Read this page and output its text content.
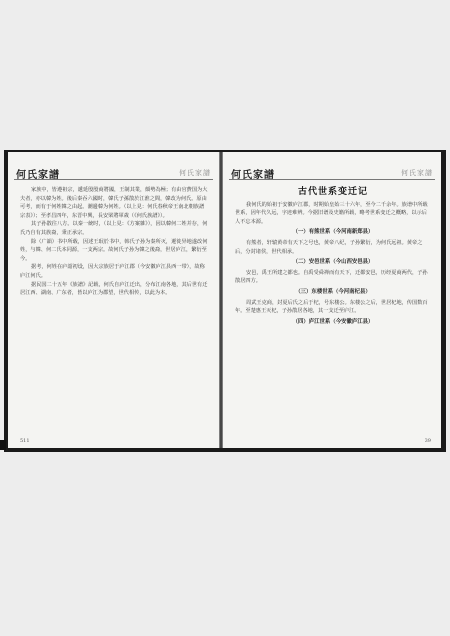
何氏家譜	何氏家譜

家族中，皆遵祖宗，遞延殷殷商將國，王制其業，頗勢為極；有由官費国为大夫者，亦以韓为姓。後后秦吞六國时，韓氏子孫散於江淮之間，韓改为何氏。原由可考，而有于何姓韓之由起。潮邊韓为何姓。（以上見：何氏春秋帝王南北朝族譜宗表》）；至孝昌四年，东晋中興，長安梁將軍歲（《何氏族譜》）。

其子孙散往八方。以秦一統时，（以上見：《方案雜》），因以韓何二姓并存，何氏乃自有其族裔，秉正承宗。

除（广韻）书中所载，因述王珉於书中，韩氏子孙为秦所灭，遷徙异地遂改何姓，与韓、何二氏本同源，一支两宗。故何氏子孙为韓之後裔，世居庐江，繁衍至今。

据考，何姓在庐韶初设，因大宗族居于庐江郡（今安徽庐江县西一带），故称庐江何氏。

据民国二十五年《族譜》記载，何氏自庐江迁出，分布江南各地，其后世有迁居江西、湖南、广东者，皆以庐江为郡望，世代相传，以此为本。

511
何氏家譜	何氏家譜
古代世系变迁记

我何氏的始祖于安徽庐江郡，时期始皇始三十六年，至今二千余年。族谱中所载世系，因年代久远，字迹难辨。今据旧谱及史籍所载，略考世系变迁之概略，以示后人不忘本源。

（一）有熊世系（今河南新郑县）

有熊者，轩辕黄帝有天下之号也，黄帝八纪，子孙繁衍，为何氏远祖。黄帝之后，分封诸侯，世代相承。

（二）安邑世系（今山西安邑县）

安邑，禹王所建之都也。自禹受舜禅而有天下，迁都安邑，历经夏商两代，子孙散居四方。

（三）东楼世系（今河南杞县）

周武王克商，封夏后氏之后于杞，号东楼公。东楼公之后，世居杞地，传国数百年。至楚惠王灭杞，子孙散居各地，其一支迁至庐江。

（四）庐江世系（今安徽庐江县）
39
